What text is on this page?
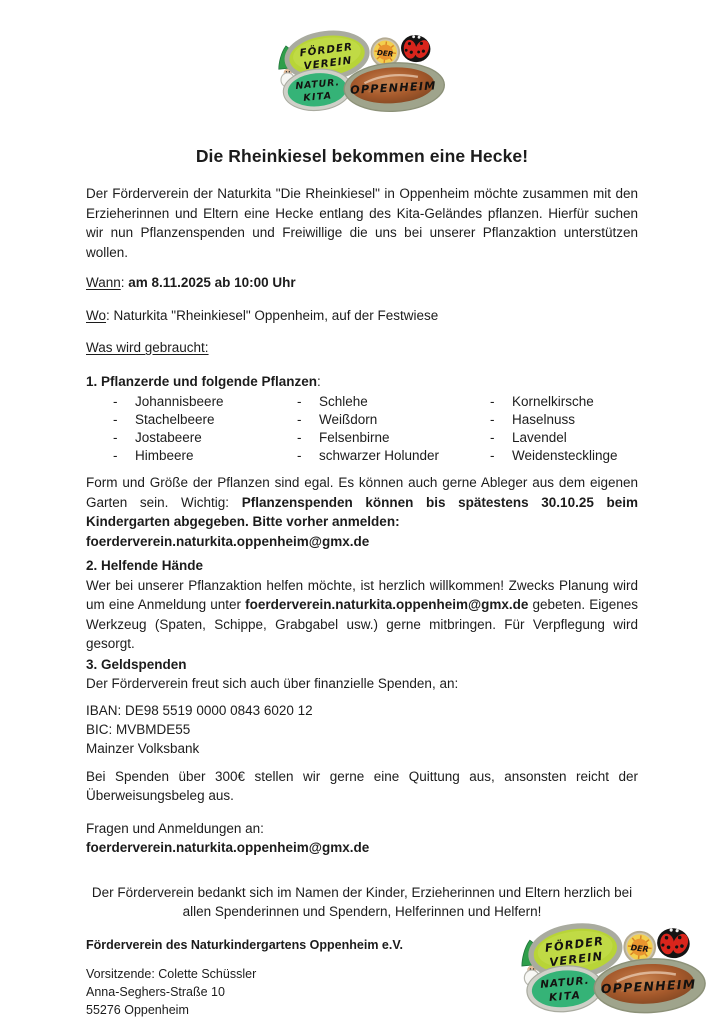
Die Rheinkiesel bekommen eine Hecke!

Der Förderverein der Naturkita "Die Rheinkiesel" in Oppenheim möchte zusammen mit den Erzieherinnen und Eltern eine Hecke entlang des Kita-Geländes pflanzen. Hierfür suchen wir nun Pflanzenspenden und Freiwillige die uns bei unserer Pflanzaktion unterstützen wollen.

Wann: am 8.11.2025 ab 10:00 Uhr

Wo: Naturkita "Rheinkiesel" Oppenheim, auf der Festwiese

Was wird gebraucht:

1. Pflanzerde und folgende Pflanzen:

-	Johannisbeere
-	Stachelbeere
-	Jostabeere
-	Himbeere
-	Schlehe
-	Weißdorn
-	Felsenbirne
-	schwarzer Holunder
-	Kornelkirsche
-	Haselnuss
-	Lavendel
-	Weidenstecklinge

Form und Größe der Pflanzen sind egal. Es können auch gerne Ableger aus dem eigenen Garten sein. Wichtig: Pflanzenspenden können bis spätestens 30.10.25 beim Kindergarten abgegeben. Bitte vorher anmelden:
foerderverein.naturkita.oppenheim@gmx.de

2. Helfende Hände

Wer bei unserer Pflanzaktion helfen möchte, ist herzlich willkommen! Zwecks Planung wird um eine Anmeldung unter foerderverein.naturkita.oppenheim@gmx.de gebeten. Eigenes Werkzeug (Spaten, Schippe, Grabgabel usw.) gerne mitbringen. Für Verpflegung wird gesorgt.

3. Geldspenden

Der Förderverein freut sich auch über finanzielle Spenden, an:

IBAN: DE98 5519 0000 0843 6020 12
BIC: MVBMDE55
Mainzer Volksbank

Bei Spenden über 300€ stellen wir gerne eine Quittung aus, ansonsten reicht der Überweisungsbeleg aus.

Fragen und Anmeldungen an:
foerderverein.naturkita.oppenheim@gmx.de

Der Förderverein bedankt sich im Namen der Kinder, Erzieherinnen und Eltern herzlich bei allen Spenderinnen und Spendern, Helferinnen und Helfern!

Förderverein des Naturkindergartens Oppenheim e.V.
Vorsitzende: Colette Schüssler
Anna-Seghers-Straße 10
55276 Oppenheim
